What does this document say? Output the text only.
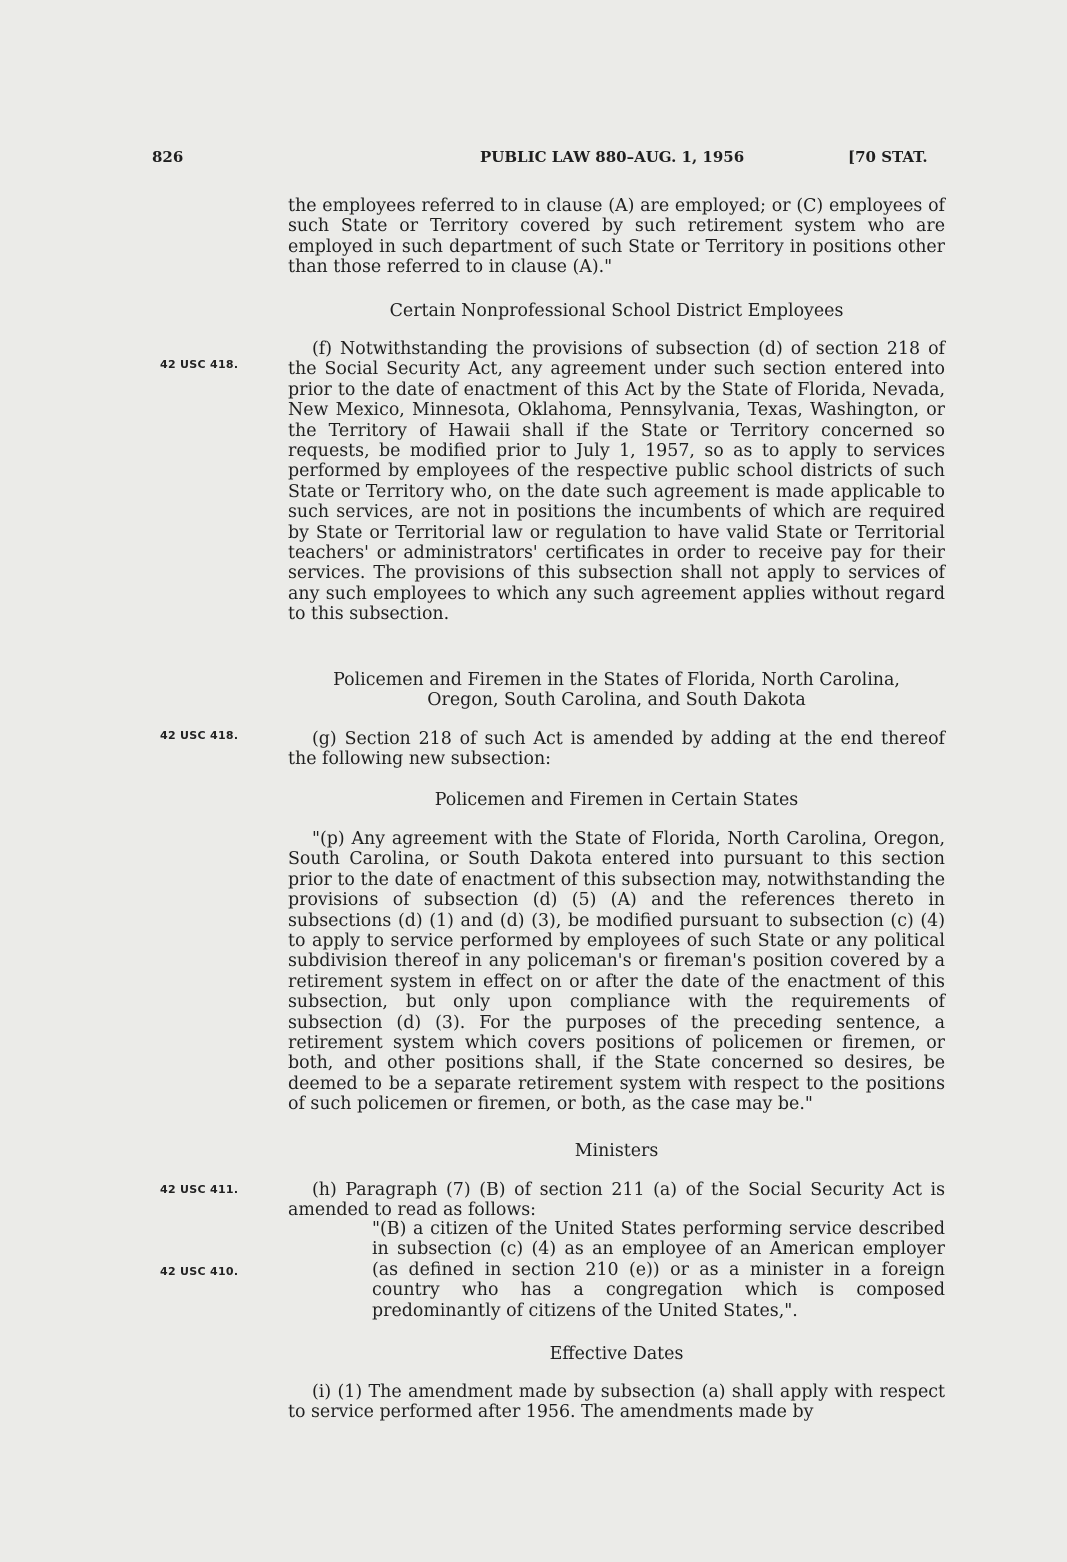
826	PUBLIC LAW 880–AUG. 1, 1956	[70 STAT.
42 USC 418.
42 USC 418.
42 USC 411.
42 USC 410.

the employees referred to in clause (A) are employed; or (C) employees of such State or Territory covered by such retirement system who are employed in such department of such State or Territory in positions other than those referred to in clause (A)."

Certain Nonprofessional School District Employees

(f) Notwithstanding the provisions of subsection (d) of section 218 of the Social Security Act, any agreement under such section entered into prior to the date of enactment of this Act by the State of Florida, Nevada, New Mexico, Minnesota, Oklahoma, Pennsylvania, Texas, Washington, or the Territory of Hawaii shall if the State or Territory concerned so requests, be modified prior to July 1, 1957, so as to apply to services performed by employees of the respective public school districts of such State or Territory who, on the date such agreement is made applicable to such services, are not in positions the incumbents of which are required by State or Territorial law or regulation to have valid State or Territorial teachers' or administrators' certificates in order to receive pay for their services. The provisions of this subsection shall not apply to services of any such employees to which any such agreement applies without regard to this subsection.

Policemen and Firemen in the States of Florida, North Carolina, Oregon, South Carolina, and South Dakota

(g) Section 218 of such Act is amended by adding at the end thereof the following new subsection:

Policemen and Firemen in Certain States

"(p) Any agreement with the State of Florida, North Carolina, Oregon, South Carolina, or South Dakota entered into pursuant to this section prior to the date of enactment of this subsection may, notwithstanding the provisions of subsection (d) (5) (A) and the references thereto in subsections (d) (1) and (d) (3), be modified pursuant to subsection (c) (4) to apply to service performed by employees of such State or any political subdivision thereof in any policeman's or fireman's position covered by a retirement system in effect on or after the date of the enactment of this subsection, but only upon compliance with the requirements of subsection (d) (3). For the purposes of the preceding sentence, a retirement system which covers positions of policemen or firemen, or both, and other positions shall, if the State concerned so desires, be deemed to be a separate retirement system with respect to the positions of such policemen or firemen, or both, as the case may be."

Ministers

(h) Paragraph (7) (B) of section 211 (a) of the Social Security Act is amended to read as follows:

"(B) a citizen of the United States performing service described in subsection (c) (4) as an employee of an American employer (as defined in section 210 (e)) or as a minister in a foreign country who has a congregation which is composed predominantly of citizens of the United States,".

Effective Dates

(i) (1) The amendment made by subsection (a) shall apply with respect to service performed after 1956. The amendments made by
